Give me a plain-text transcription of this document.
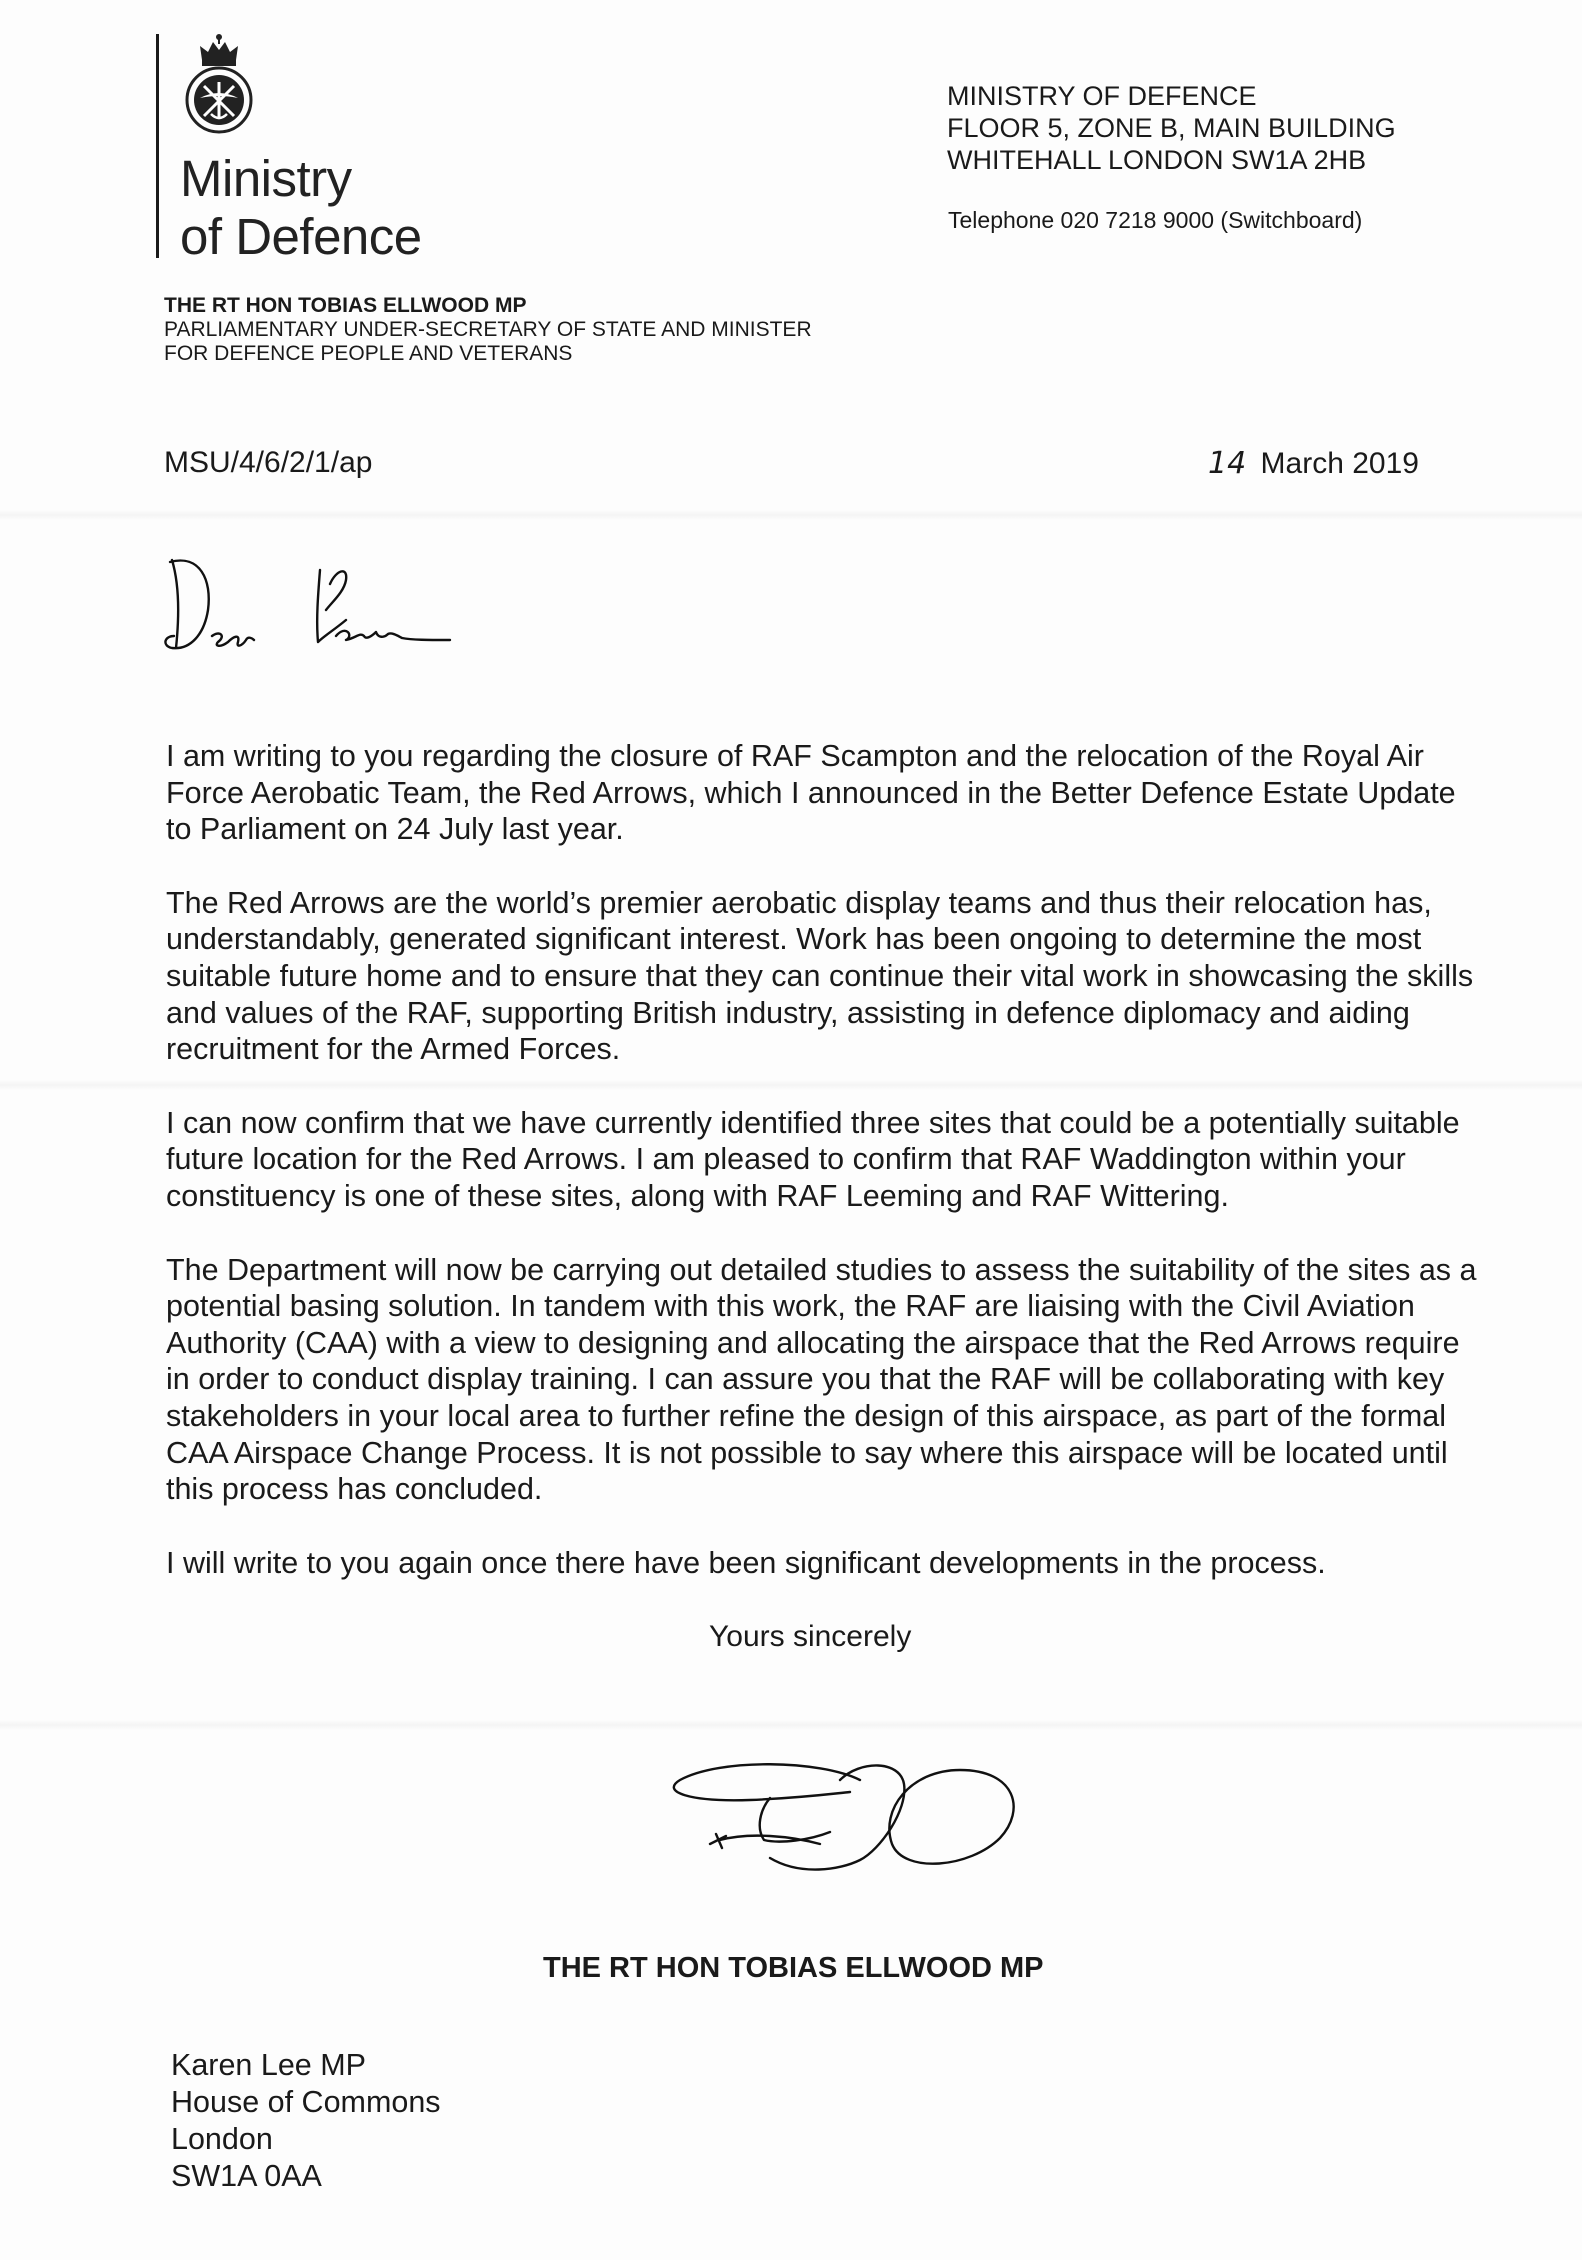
Ministry
of Defence
MINISTRY OF DEFENCE
FLOOR 5, ZONE B, MAIN BUILDING
WHITEHALL LONDON SW1A 2HB
Telephone 020 7218 9000 (Switchboard)
THE RT HON TOBIAS ELLWOOD MP
PARLIAMENTARY UNDER-SECRETARY OF STATE AND MINISTER
FOR DEFENCE PEOPLE AND VETERANS
MSU/4/6/2/1/ap	14 March 2019

I am writing to you regarding the closure of RAF Scampton and the relocation of the Royal Air Force Aerobatic Team, the Red Arrows, which I announced in the Better Defence Estate Update to Parliament on 24 July last year.

The Red Arrows are the world’s premier aerobatic display teams and thus their relocation has, understandably, generated significant interest. Work has been ongoing to determine the most suitable future home and to ensure that they can continue their vital work in showcasing the skills and values of the RAF, supporting British industry, assisting in defence diplomacy and aiding recruitment for the Armed Forces.

I can now confirm that we have currently identified three sites that could be a potentially suitable future location for the Red Arrows. I am pleased to confirm that RAF Waddington within your constituency is one of these sites, along with RAF Leeming and RAF Wittering.

The Department will now be carrying out detailed studies to assess the suitability of the sites as a potential basing solution. In tandem with this work, the RAF are liaising with the Civil Aviation Authority (CAA) with a view to designing and allocating the airspace that the Red Arrows require in order to conduct display training. I can assure you that the RAF will be collaborating with key stakeholders in your local area to further refine the design of this airspace, as part of the formal CAA Airspace Change Process. It is not possible to say where this airspace will be located until this process has concluded.

I will write to you again once there have been significant developments in the process.

Yours sincerely
THE RT HON TOBIAS ELLWOOD MP
Karen Lee MP
House of Commons
London
SW1A 0AA
